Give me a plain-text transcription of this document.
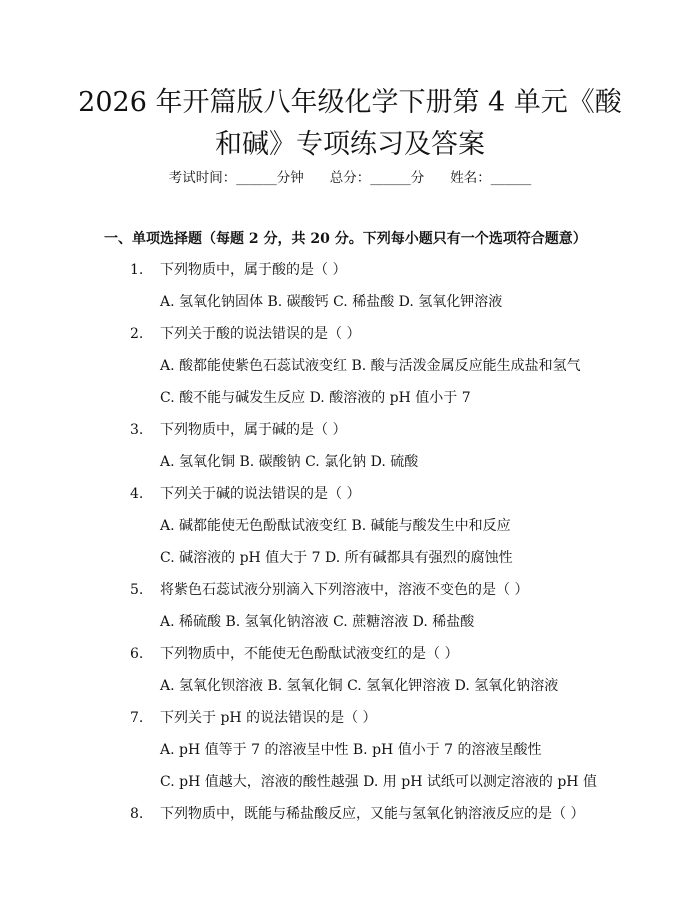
2026 年开篇版八年级化学下册第 4 单元《酸
和碱》专项练习及答案
考试时间：______分钟 总分：______分 姓名：______
一、单项选择题（每题 2 分，共 20 分。下列每小题只有一个选项符合题意）
1. 下列物质中，属于酸的是（ ）
A. 氢氧化钠固体 B. 碳酸钙 C. 稀盐酸 D. 氢氧化钾溶液
2. 下列关于酸的说法错误的是（ ）
A. 酸都能使紫色石蕊试液变红 B. 酸与活泼金属反应能生成盐和氢气
C. 酸不能与碱发生反应 D. 酸溶液的 pH 值小于 7
3. 下列物质中，属于碱的是（ ）
A. 氢氧化铜 B. 碳酸钠 C. 氯化钠 D. 硫酸
4. 下列关于碱的说法错误的是（ ）
A. 碱都能使无色酚酞试液变红 B. 碱能与酸发生中和反应
C. 碱溶液的 pH 值大于 7 D. 所有碱都具有强烈的腐蚀性
5. 将紫色石蕊试液分别滴入下列溶液中，溶液不变色的是（ ）
A. 稀硫酸 B. 氢氧化钠溶液 C. 蔗糖溶液 D. 稀盐酸
6. 下列物质中，不能使无色酚酞试液变红的是（ ）
A. 氢氧化钡溶液 B. 氢氧化铜 C. 氢氧化钾溶液 D. 氢氧化钠溶液
7. 下列关于 pH 的说法错误的是（ ）
A. pH 值等于 7 的溶液呈中性 B. pH 值小于 7 的溶液呈酸性
C. pH 值越大，溶液的酸性越强 D. 用 pH 试纸可以测定溶液的 pH 值
8. 下列物质中，既能与稀盐酸反应，又能与氢氧化钠溶液反应的是（ ）
